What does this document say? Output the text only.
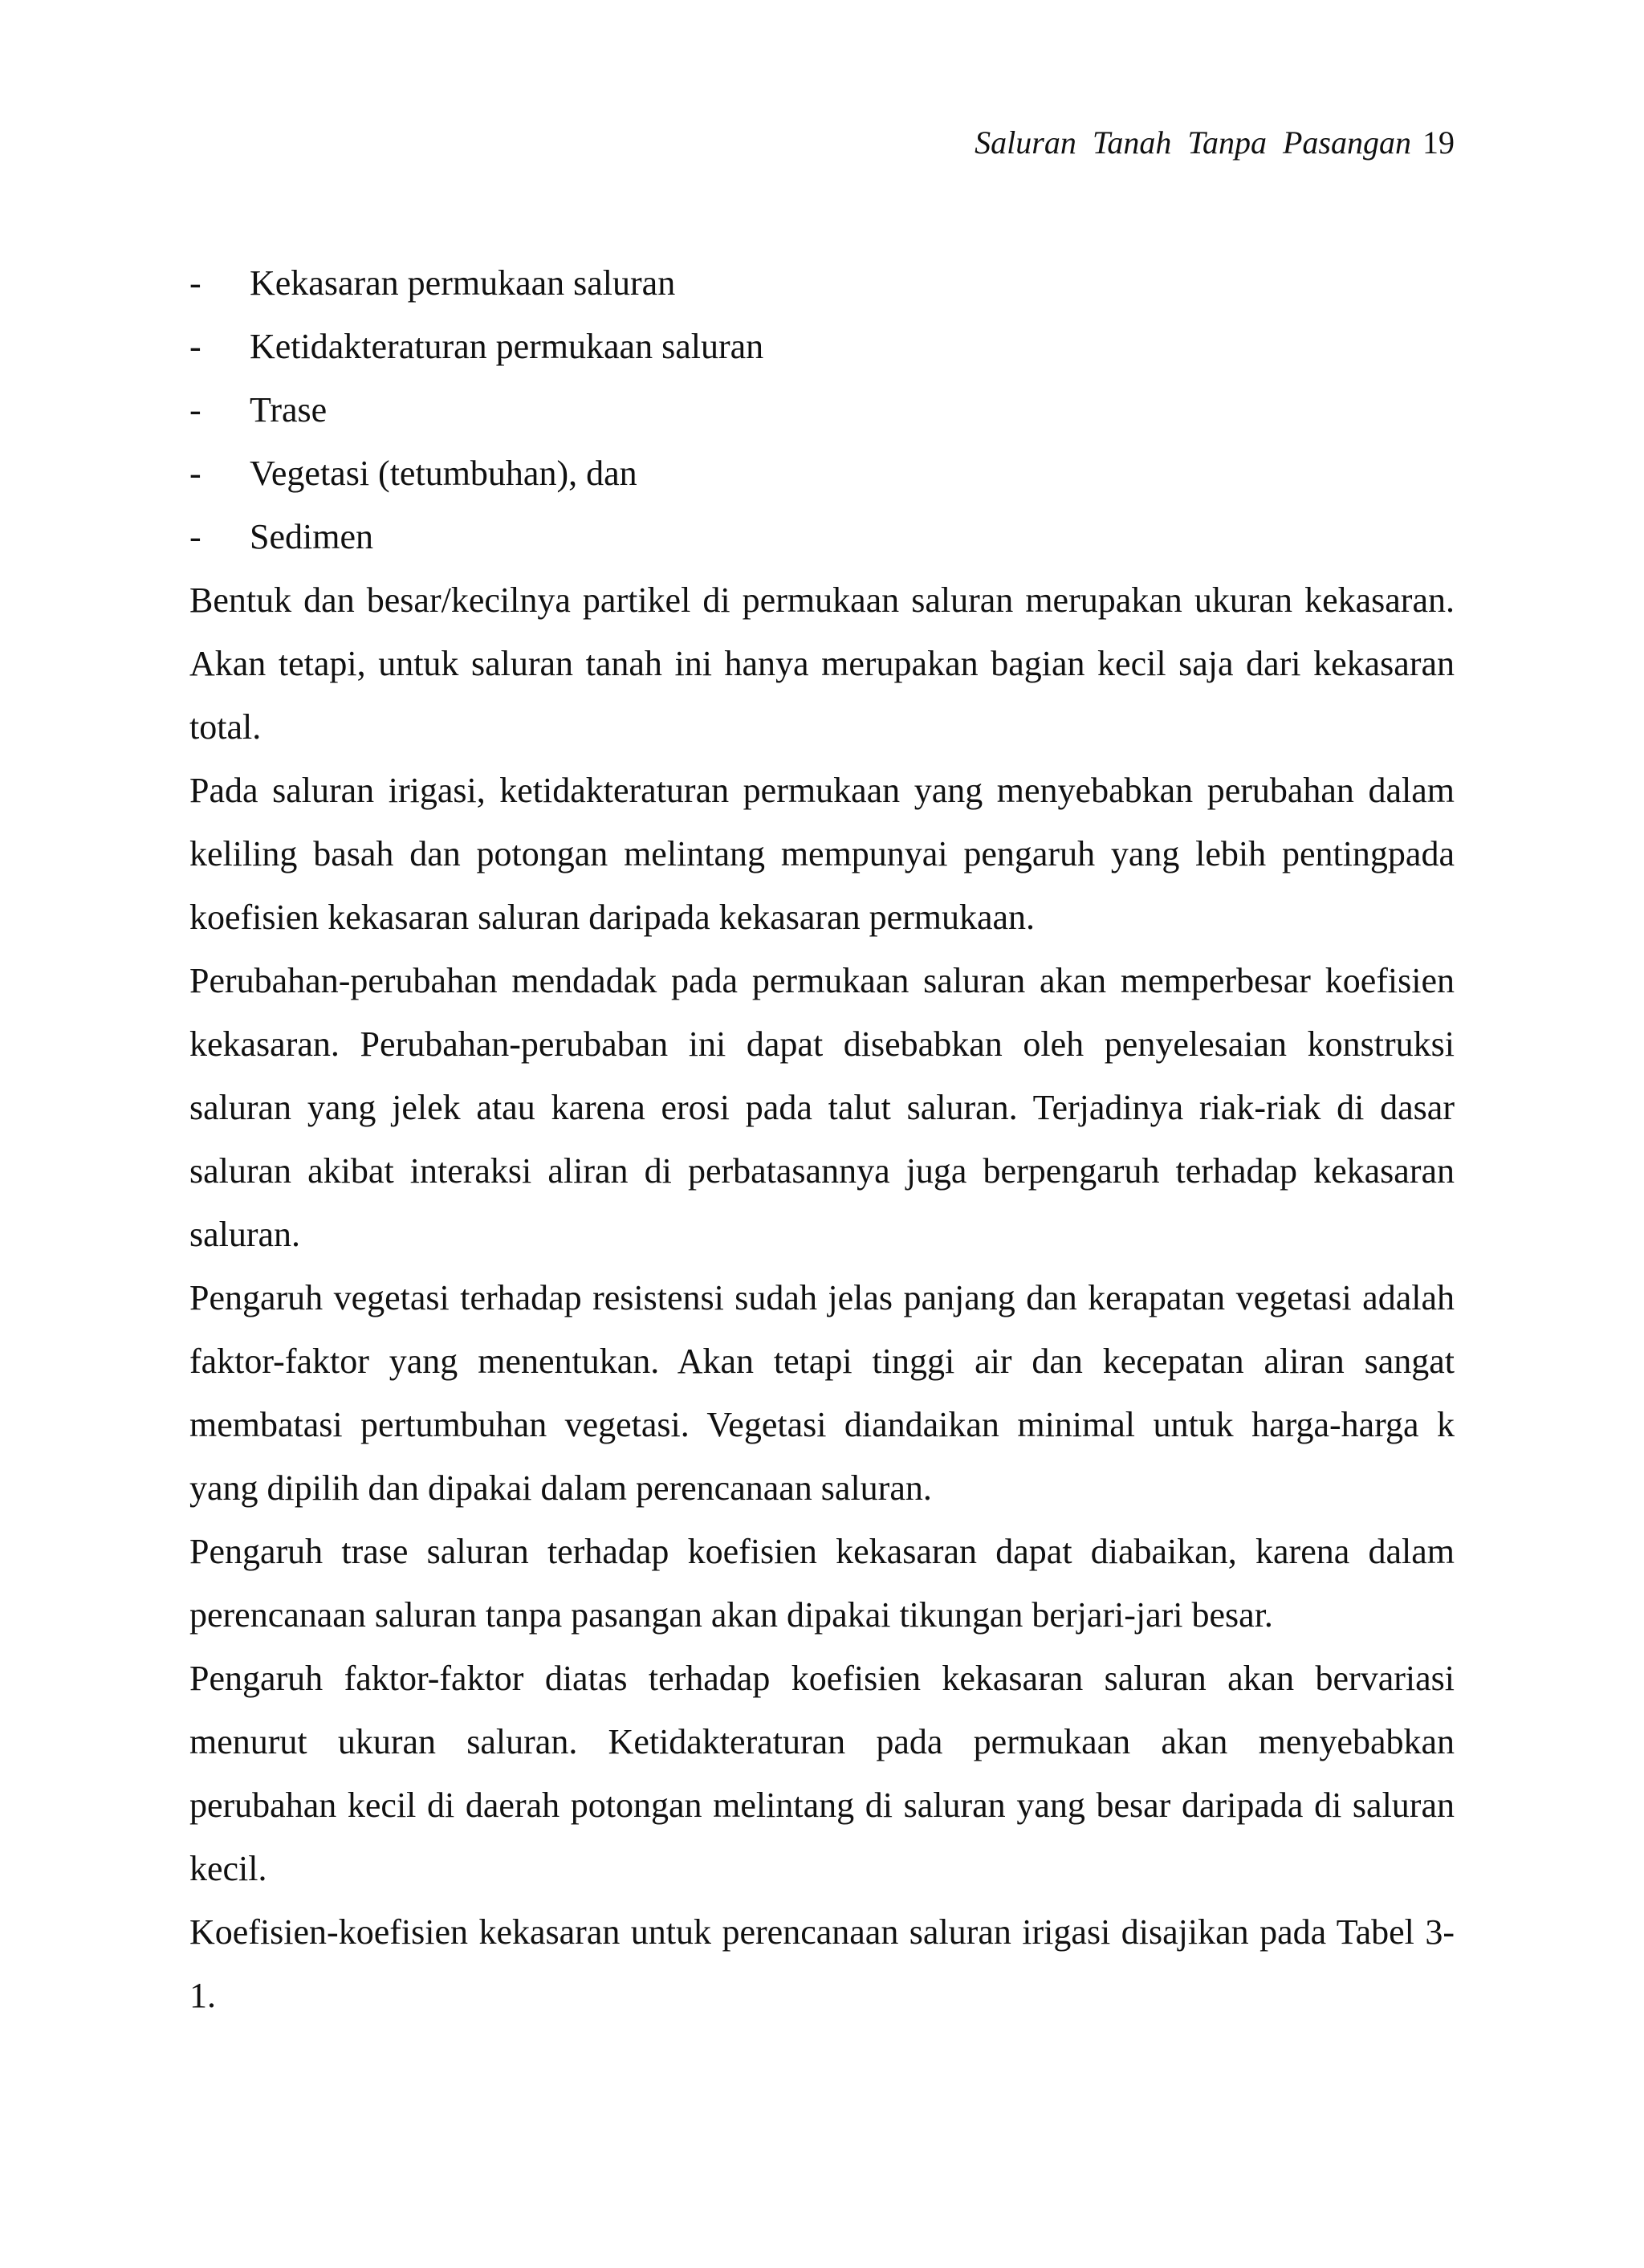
Saluran Tanah Tanpa Pasangan 19
-	Kekasaran permukaan saluran
-	Ketidakteraturan permukaan saluran
-	Trase
-	Vegetasi (tetumbuhan), dan
-	Sedimen

Bentuk dan besar/kecilnya partikel di permukaan saluran merupakan ukuran kekasaran. Akan tetapi, untuk saluran tanah ini hanya merupakan bagian kecil saja dari kekasaran total.

Pada saluran irigasi, ketidakteraturan permukaan yang menyebabkan perubahan dalam keliling basah dan potongan melintang mempunyai pengaruh yang lebih pentingpada koefisien kekasaran saluran daripada kekasaran permukaan.

Perubahan-perubahan mendadak pada permukaan saluran akan memperbesar koefisien kekasaran. Perubahan-perubaban ini dapat disebabkan oleh penyelesaian konstruksi saluran yang jelek atau karena erosi pada talut saluran. Terjadinya riak-riak di dasar saluran akibat interaksi aliran di perbatasannya juga berpengaruh terhadap kekasaran saluran.

Pengaruh vegetasi terhadap resistensi sudah jelas panjang dan kerapatan vegetasi adalah faktor-faktor yang menentukan. Akan tetapi tinggi air dan kecepatan aliran sangat membatasi pertumbuhan vegetasi. Vegetasi diandaikan minimal untuk harga-harga k yang dipilih dan dipakai dalam perencanaan saluran.

Pengaruh trase saluran terhadap koefisien kekasaran dapat diabaikan, karena dalam perencanaan saluran tanpa pasangan akan dipakai tikungan berjari-jari besar.

Pengaruh faktor-faktor diatas terhadap koefisien kekasaran saluran akan bervariasi menurut ukuran saluran. Ketidakteraturan pada permukaan akan menyebabkan perubahan kecil di daerah potongan melintang di saluran yang besar daripada di saluran kecil.

Koefisien-koefisien kekasaran untuk perencanaan saluran irigasi disajikan pada Tabel 3-1.
